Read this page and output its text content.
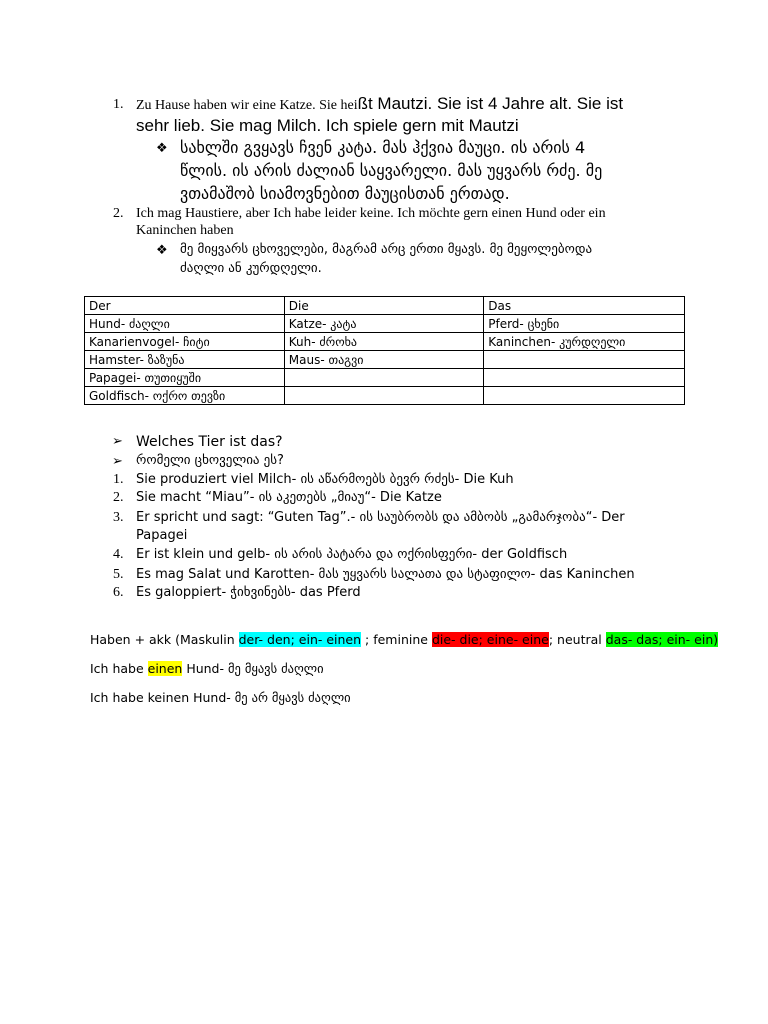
1. Zu Hause haben wir eine Katze. Sie heißt Mautzi. Sie ist 4 Jahre alt. Sie ist
sehr lieb. Sie mag Milch. Ich spiele gern mit Mautzi
❖ სახლში გვყავს ჩვენ კატა. მას ჰქვია მაუცი. ის არის 4
წლის. ის არის ძალიან საყვარელი. მას უყვარს რძე. მე
ვთამაშობ სიამოვნებით მაუცისთან ერთად.
2. Ich mag Haustiere, aber Ich habe leider keine. Ich möchte gern einen Hund oder ein
Kaninchen haben
❖ მე მიყვარს ცხოველები, მაგრამ არც ერთი მყავს. მე მეყოლებოდა
ძაღლი ან კურდღელი.
Der	Die	Das
Hund- ძაღლი	Katze- კატა	Pferd- ცხენი
Kanarienvogel- ჩიტი	Kuh- ძროხა	Kaninchen- კურდღელი
Hamster- ზაზუნა	Maus- თაგვი	
Papagei- თუთიყუში		
Goldfisch- ოქრო თევზი		
➢ Welches Tier ist das?
➢ რომელი ცხოველია ეს?
1. Sie produziert viel Milch- ის აწარმოებს ბევრ რძეს- Die Kuh
2. Sie macht “Miau”- ის აკეთებს „მიაუ“- Die Katze
3. Er spricht und sagt: “Guten Tag”.- ის საუბრობს და ამბობს „გამარჯობა“- Der
Papagei
4. Er ist klein und gelb- ის არის პატარა და ოქრისფერი- der Goldfisch
5. Es mag Salat und Karotten- მას უყვარს სალათა და სტაფილო- das Kaninchen
6. Es galoppiert- ჭიხვინებს- das Pferd
Haben + akk (Maskulin der- den; ein- einen ; feminine die- die; eine- eine; neutral das- das; ein- ein)
Ich habe einen Hund- მე მყავს ძაღლი
Ich habe keinen Hund- მე არ მყავს ძაღლი
